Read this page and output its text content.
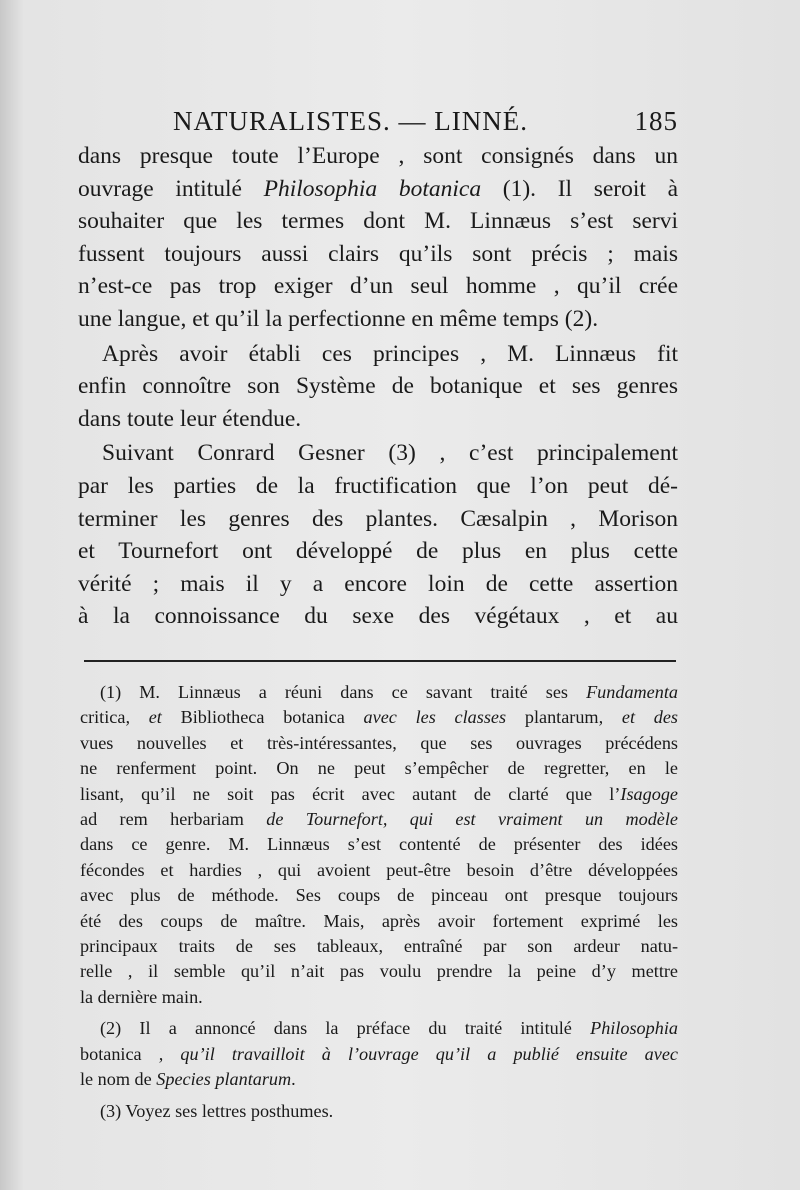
NATURALISTES. — LINNÉ.	185

dans presque toute l’Europe , sont consignés dans un
ouvrage intitulé Philosophia botanica (1). Il seroit à
souhaiter que les termes dont M. Linnæus s’est servi
fussent toujours aussi clairs qu’ils sont précis ; mais
n’est-ce pas trop exiger d’un seul homme , qu’il crée
une langue, et qu’il la perfectionne en même temps (2).

Après avoir établi ces principes , M. Linnæus fit
enfin connoître son Système de botanique et ses genres
dans toute leur étendue.

Suivant Conrard Gesner (3) , c’est principalement
par les parties de la fructification que l’on peut dé-
terminer les genres des plantes. Cæsalpin , Morison
et Tournefort ont développé de plus en plus cette
vérité ; mais il y a encore loin de cette assertion
à la connoissance du sexe des végétaux , et au

(1) M. Linnæus a réuni dans ce savant traité ses Fundamenta
critica, et Bibliotheca botanica avec les classes plantarum, et des
vues nouvelles et très-intéressantes, que ses ouvrages précédens
ne renferment point. On ne peut s’empêcher de regretter, en le
lisant, qu’il ne soit pas écrit avec autant de clarté que l’Isagoge
ad rem herbariam de Tournefort, qui est vraiment un modèle
dans ce genre. M. Linnæus s’est contenté de présenter des idées
fécondes et hardies , qui avoient peut-être besoin d’être développées
avec plus de méthode. Ses coups de pinceau ont presque toujours
été des coups de maître. Mais, après avoir fortement exprimé les
principaux traits de ses tableaux, entraîné par son ardeur natu-
relle , il semble qu’il n’ait pas voulu prendre la peine d’y mettre
la dernière main.
(2) Il a annoncé dans la préface du traité intitulé Philosophia
botanica , qu’il travailloit à l’ouvrage qu’il a publié ensuite avec
le nom de Species plantarum.
(3) Voyez ses lettres posthumes.
